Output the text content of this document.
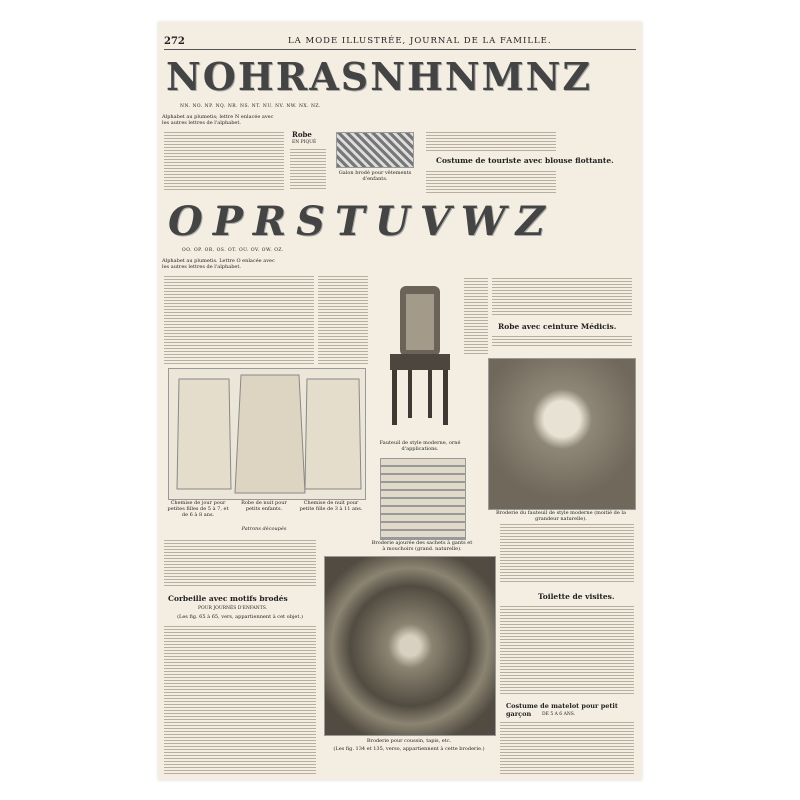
272	LA MODE ILLUSTRÉE, JOURNAL DE LA FAMILLE.
NOHRASNHNMNZ
NN. NO. NP. NQ. NR. NS. NT. NU. NV. NW. NX. NZ.
Alphabet au plumetis; lettre N enlacée avec les autres lettres de l'alphabet.
Robe
EN PIQUÉ
Galon brodé pour vêtements d'enfants.
Costume de touriste avec blouse flottante.
OPRSTUVWZ
OO. OP. OR. OS. OT. OU. OV. OW. OZ.
Alphabet au plumetis. Lettre O enlacée avec les autres lettres de l'alphabet.
Fauteuil de style moderne, orné d'applications.
Robe avec ceinture Médicis.
Broderie du fauteuil de style moderne (moitié de la grandeur naturelle).
Chemise de jour pour petites filles de 5 à 7, et de 6 à 8 ans.
Robe de nuit pour petits enfants.
Chemise de nuit pour petite fille de 3 à 11 ans.
Patrons découpés
Broderie ajourée des sachets à gants et à mouchoirs (grand. naturelle).
Corbeille avec motifs brodés
POUR JOURNÉS D'ENFANTS.
(Les fig. 65 à 65, vers, appartiennent à cet objet.)
Broderie pour coussin, tapis, etc.
(Les fig. 134 et 135, verso, appartiennent à cette broderie.)
Toilette de visites.
Costume de matelot pour petit garçon	DE 5 A 6 ANS.
